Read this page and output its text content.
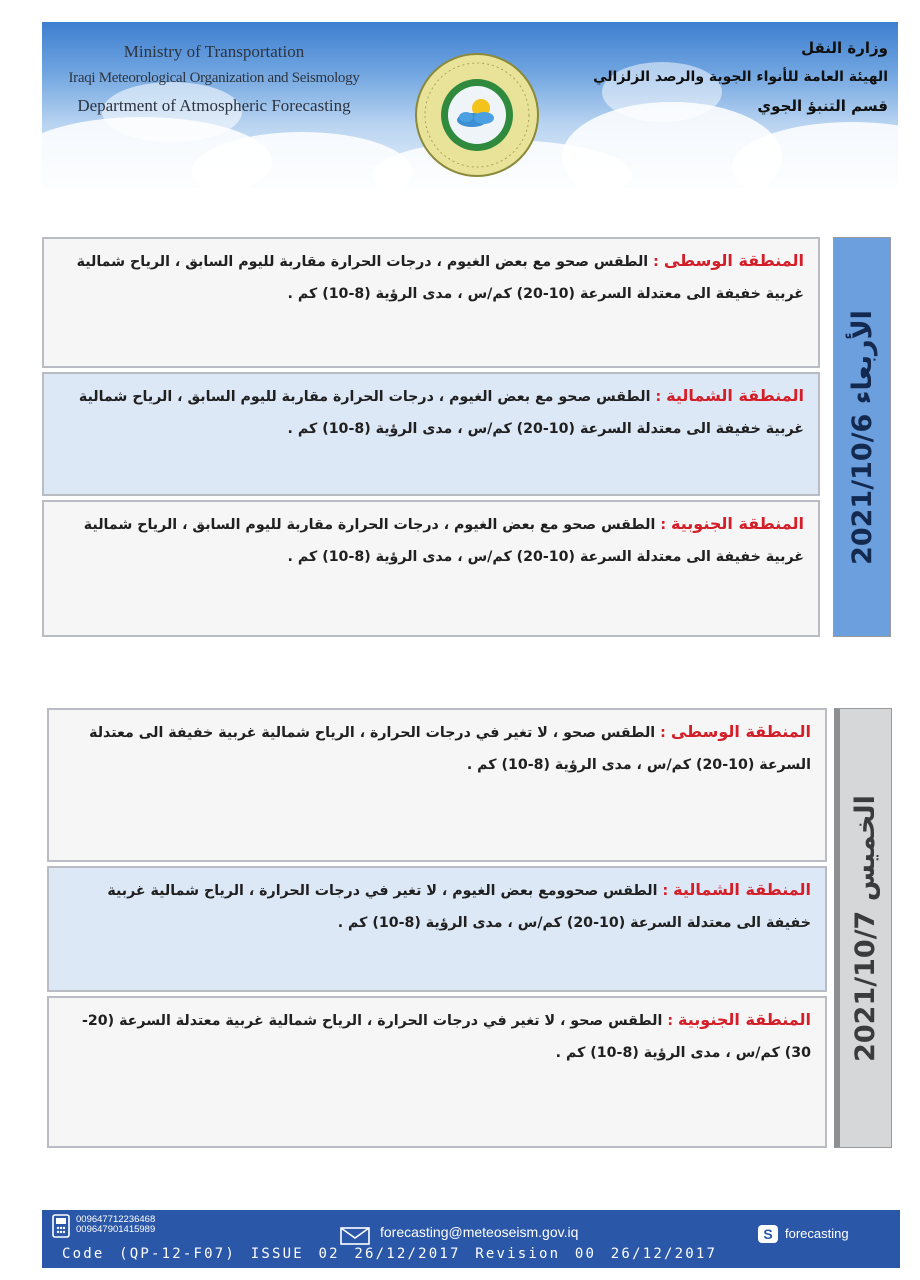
Ministry of Transportation
Iraqi Meteorological Organization and Seismology
Department of Atmospheric Forecasting
وزارة النقل
الهيئة العامة للأنواء الجوية والرصد الزلزالي
قسم التنبؤ الجوي
المنطقة الوسطى:الطقس صحو مع بعض الغيوم ، درجات الحرارة مقاربة لليوم السابق ، الرياح شمالية غربية خفيفة الى معتدلة السرعة (10-20) كم/س ، مدى الرؤية (8-10) كم .
المنطقة الشمالية:الطقس صحو مع بعض الغيوم ، درجات الحرارة مقاربة لليوم السابق ، الرياح شمالية غربية خفيفة الى معتدلة السرعة (10-20) كم/س ، مدى الرؤية (8-10) كم .
المنطقة الجنوبية:الطقس صحو مع بعض الغيوم ، درجات الحرارة مقاربة لليوم السابق ، الرياح شمالية غربية خفيفة الى معتدلة السرعة (10-20) كم/س ، مدى الرؤية (8-10) كم .	الأربعاء 2021/10/6
المنطقة الوسطى:الطقس صحو ، لا تغير في درجات الحرارة ، الرياح شمالية غربية خفيفة الى معتدلة السرعة (10-20) كم/س ، مدى الرؤية (8-10) كم .
المنطقة الشمالية:الطقس صحوومع بعض الغيوم ، لا تغير في درجات الحرارة ، الرياح شمالية غربية خفيفة الى معتدلة السرعة (10-20) كم/س ، مدى الرؤية (8-10) كم .
المنطقة الجنوبية:الطقس صحو ، لا تغير في درجات الحرارة ، الرياح شمالية غربية معتدلة السرعة (20-30) كم/س ، مدى الرؤية (8-10) كم .	الخميس 2021/10/7
009647712236468
009647901415989	forecasting@meteoseism.gov.iq	S forecasting
Code (QP-12-F07) ISSUE 02 26/12/2017 Revision 00 26/12/2017
